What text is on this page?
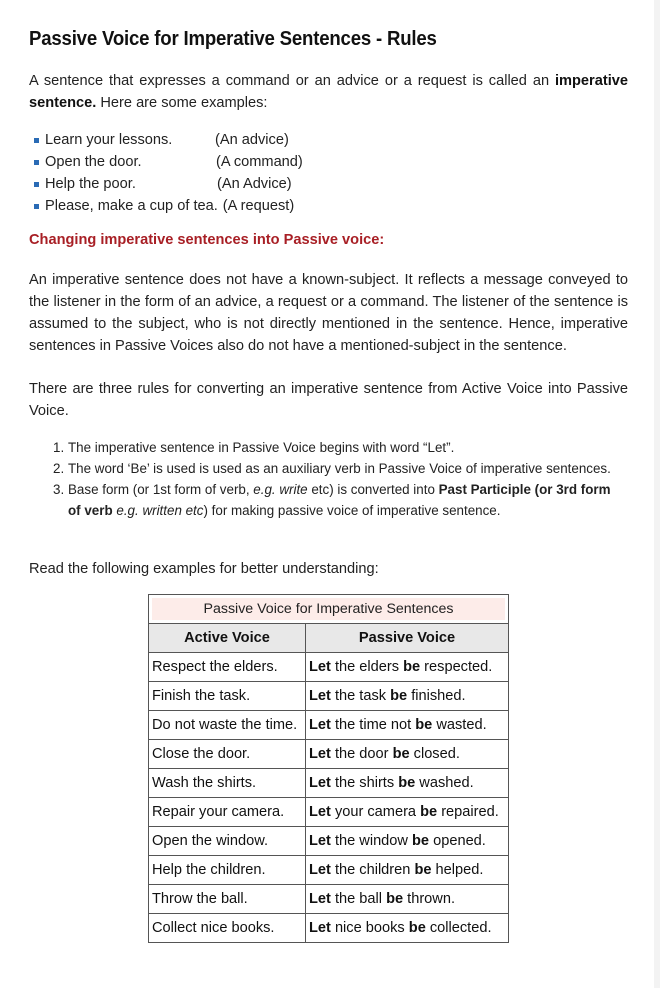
Passive Voice for Imperative Sentences - Rules

A sentence that expresses a command or an advice or a request is called an imperative sentence. Here are some examples:

Learn your lessons.	(An advice)
Open the door.	(A command)
Help the poor.	(An Advice)
Please, make a cup of tea. (A request)
Changing imperative sentences into Passive voice:

An imperative sentence does not have a known-subject. It reflects a message conveyed to the listener in the form of an advice, a request or a command. The listener of the sentence is assumed to the subject, who is not directly mentioned in the sentence. Hence, imperative sentences in Passive Voices also do not have a mentioned-subject in the sentence.

There are three rules for converting an imperative sentence from Active Voice into Passive Voice.

1. The imperative sentence in Passive Voice begins with word “Let”.
2. The word ‘Be’ is used is used as an auxiliary verb in Passive Voice of imperative sentences.
3. Base form (or 1st form of verb, e.g. write etc) is converted into Past Participle (or 3rd form of verb e.g. written etc) for making passive voice of imperative sentence.

Read the following examples for better understanding:

Passive Voice for Imperative Sentences	

Active Voice	Passive Voice
Respect the elders.	Let the elders be respected.
Finish the task.	Let the task be finished.
Do not waste the time.	Let the time not be wasted.
Close the door.	Let the door be closed.
Wash the shirts.	Let the shirts be washed.
Repair your camera.	Let your camera be repaired.
Open the window.	Let the window be opened.
Help the children.	Let the children be helped.
Throw the ball.	Let the ball be thrown.
Collect nice books.	Let nice books be collected.
